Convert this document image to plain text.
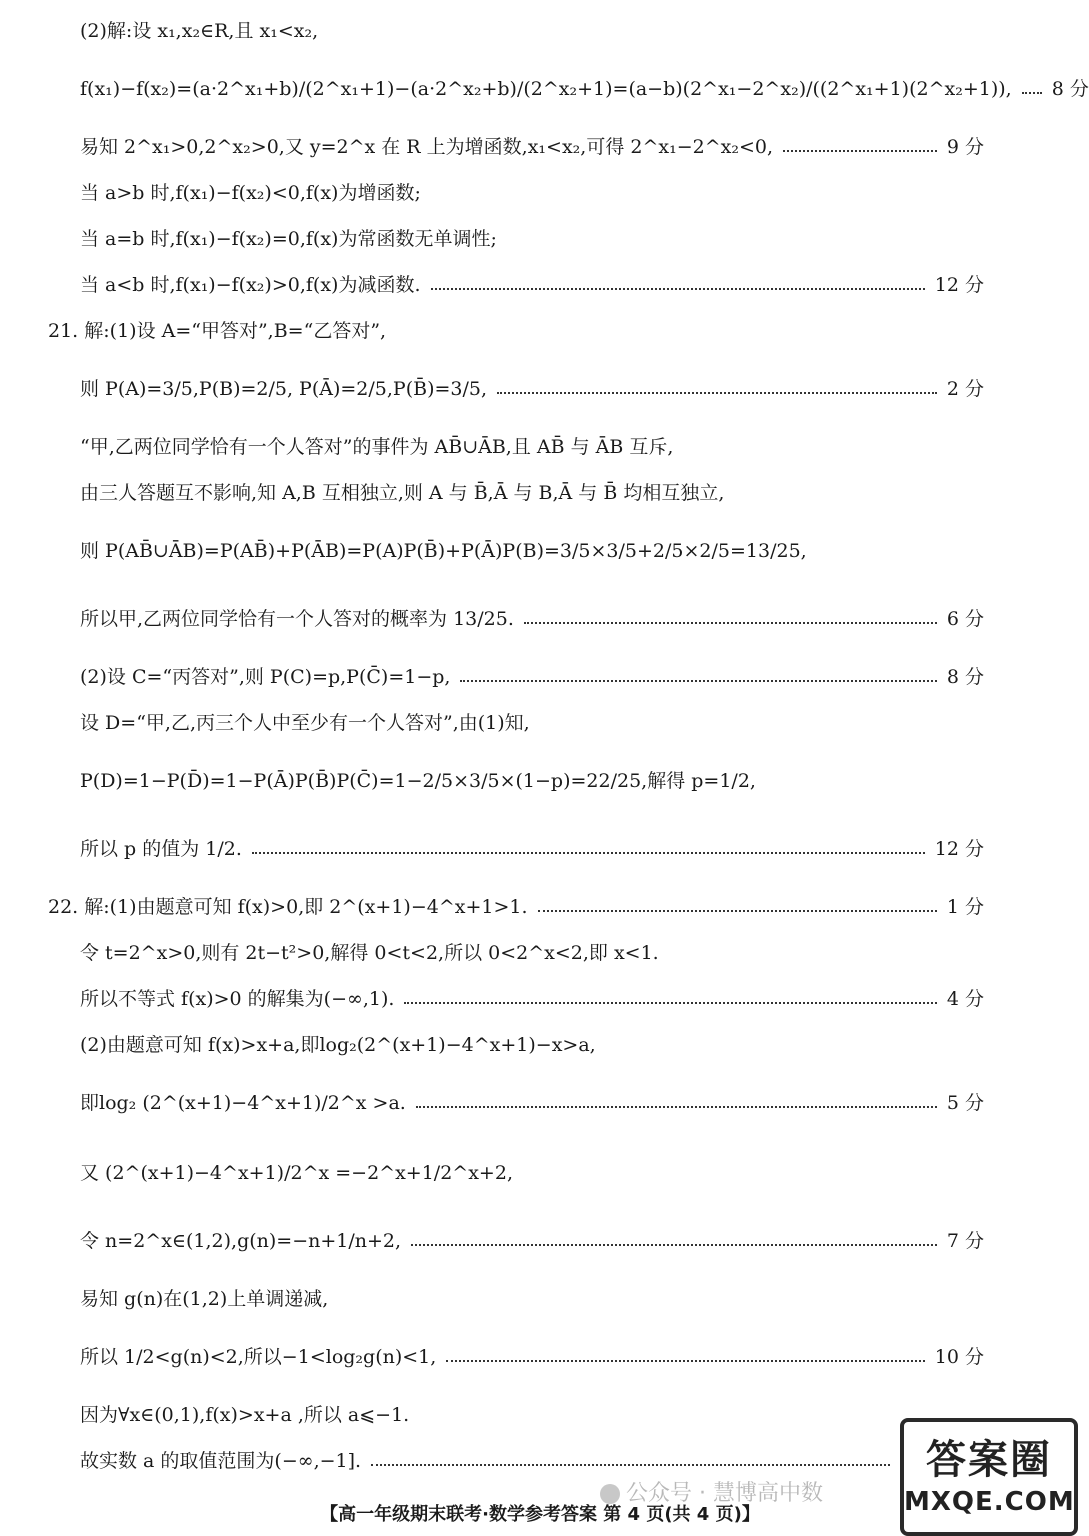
(2)解:设 x₁,x₂∈R,且 x₁<x₂,
f(x₁)−f(x₂)=(a·2^x₁+b)/(2^x₁+1)−(a·2^x₂+b)/(2^x₂+1)=(a−b)(2^x₁−2^x₂)/((2^x₁+1)(2^x₂+1)), 8 分
易知 2^x₁>0,2^x₂>0,又 y=2^x 在 R 上为增函数,x₁<x₂,可得 2^x₁−2^x₂<0,	9 分
当 a>b 时,f(x₁)−f(x₂)<0,f(x)为增函数;
当 a=b 时,f(x₁)−f(x₂)=0,f(x)为常函数无单调性;
当 a<b 时,f(x₁)−f(x₂)>0,f(x)为减函数.	12 分
21. 解:(1)设 A=“甲答对”,B=“乙答对”,
则 P(A)=3/5,P(B)=2/5, P(Ā)=2/5,P(B̄)=3/5,	2 分
“甲,乙两位同学恰有一个人答对”的事件为 AB̄∪ĀB,且 AB̄ 与 ĀB 互斥,
由三人答题互不影响,知 A,B 互相独立,则 A 与 B̄,Ā 与 B,Ā 与 B̄ 均相互独立,
则 P(AB̄∪ĀB)=P(AB̄)+P(ĀB)=P(A)P(B̄)+P(Ā)P(B)=3/5×3/5+2/5×2/5=13/25,
所以甲,乙两位同学恰有一个人答对的概率为 13/25.	6 分
(2)设 C=“丙答对”,则 P(C)=p,P(C̄)=1−p,	8 分
设 D=“甲,乙,丙三个人中至少有一个人答对”,由(1)知,
P(D)=1−P(D̄)=1−P(Ā)P(B̄)P(C̄)=1−2/5×3/5×(1−p)=22/25,解得 p=1/2,
所以 p 的值为 1/2.	12 分
22. 解:(1)由题意可知 f(x)>0,即 2^(x+1)−4^x+1>1.	1 分
令 t=2^x>0,则有 2t−t²>0,解得 0<t<2,所以 0<2^x<2,即 x<1.
所以不等式 f(x)>0 的解集为(−∞,1).	4 分
(2)由题意可知 f(x)>x+a,即log₂(2^(x+1)−4^x+1)−x>a,
即log₂ (2^(x+1)−4^x+1)/2^x >a.	5 分
又 (2^(x+1)−4^x+1)/2^x =−2^x+1/2^x+2,
令 n=2^x∈(1,2),g(n)=−n+1/n+2,	7 分
易知 g(n)在(1,2)上单调递减,
所以 1/2<g(n)<2,所以−1<log₂g(n)<1,	10 分
因为∀x∈(0,1),f(x)>x+a ,所以 a⩽−1.
故实数 a 的取值范围为(−∞,−1].
公众号 · 慧博高中数
答案圈
MXQE.COM
【高一年级期末联考·数学参考答案 第 4 页(共 4 页)】
